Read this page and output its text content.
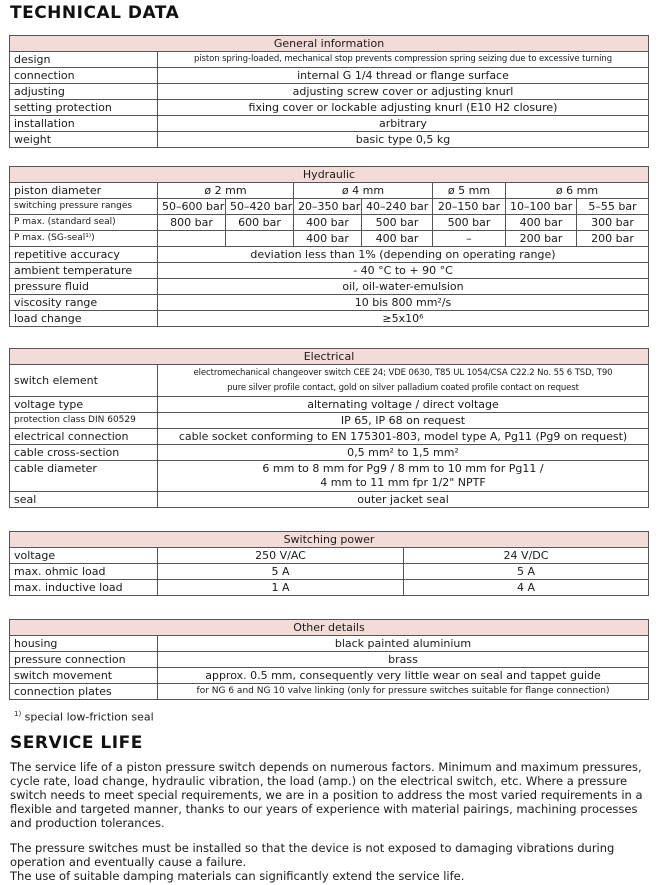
TECHNICAL DATA
General information	
design	piston spring-loaded, mechanical stop prevents compression spring seizing due to excessive turning
connection	internal G 1/4 thread or flange surface
adjusting	adjusting screw cover or adjusting knurl
setting protection	fixing cover or lockable adjusting knurl (E10 H2 closure)
installation	arbitrary
weight	basic type 0,5 kg
Hydraulic							
piston diameter	ø 2 mm		ø 4 mm		ø 5 mm	ø 6 mm	
switching pressure ranges	50–600 bar	50–420 bar	20–350 bar	40–240 bar	20–150 bar	10–100 bar	5–55 bar
P max. (standard seal)	800 bar	600 bar	400 bar	500 bar	500 bar	400 bar	300 bar
P max. (SG-seal¹⁾)			400 bar	400 bar	–	200 bar	200 bar
repetitive accuracy	deviation less than 1% (depending on operating range)						
ambient temperature	- 40 °C to + 90 °C						
pressure fluid	oil, oil-water-emulsion						
viscosity range	10 bis 800 mm²/s						
load change	≥5x10⁶						
Electrical	
switch element	electromechanical changeover switch CEE 24; VDE 0630, T85 UL 1054/CSA C22.2 No. 55 6 TSD, T90
pure silver profile contact, gold on silver palladium coated profile contact on request

voltage type	alternating voltage / direct voltage
protection class DIN 60529	IP 65, IP 68 on request
electrical connection	cable socket conforming to EN 175301-803, model type A, Pg11 (Pg9 on request)
cable cross-section	0,5 mm² to 1,5 mm²
cable diameter	6 mm to 8 mm for Pg9 / 8 mm to 10 mm for Pg11 /
4 mm to 11 mm fpr 1/2" NPTF

seal	outer jacket seal
Switching power		
voltage	250 V/AC	24 V/DC
max. ohmic load	5 A	5 A
max. inductive load	1 A	4 A
Other details	
housing	black painted aluminium
pressure connection	brass
switch movement	approx. 0.5 mm, consequently very little wear on seal and tappet guide
connection plates	for NG 6 and NG 10 valve linking (only for pressure switches suitable for flange connection)
$^{1)}$ special low-friction seal
SERVICE LIFE

The service life of a piston pressure switch depends on numerous factors. Minimum and maximum pressures, cycle rate, load change, hydraulic vibration, the load (amp.) on the electrical switch, etc. Where a pressure switch needs to meet special requirements, we are in a position to address the most varied requirements in a flexible and targeted manner, thanks to our years of experience with material pairings, machining processes and production tolerances.

The pressure switches must be installed so that the device is not exposed to damaging vibrations during operation and eventually cause a failure.

The use of suitable damping materials can significantly extend the service life.
